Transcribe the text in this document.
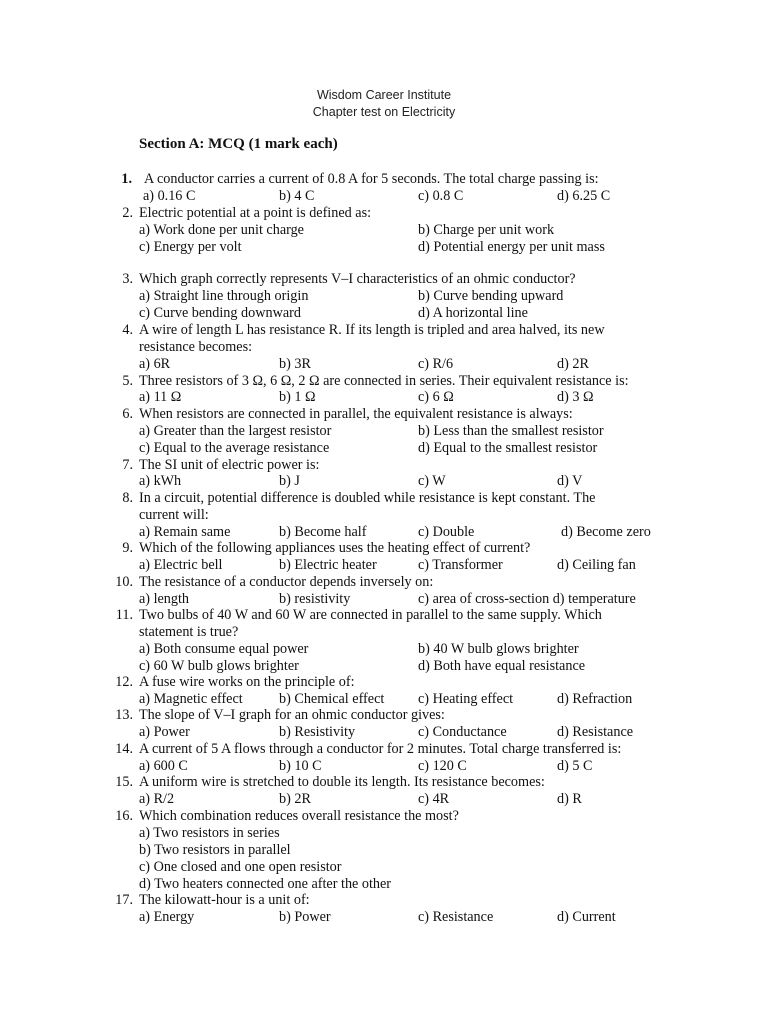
Wisdom Career Institute
Chapter test on Electricity
Section A: MCQ (1 mark each)
1. A conductor carries a current of 0.8 A for 5 seconds. The total charge passing is:
a) 0.16 C	b) 4 C	c) 0.8 C	d) 6.25 C
2. Electric potential at a point is defined as:
a) Work done per unit charge	b) Charge per unit work
c) Energy per volt	d) Potential energy per unit mass
3. Which graph correctly represents V–I characteristics of an ohmic conductor?
a) Straight line through origin	b) Curve bending upward
c) Curve bending downward	d) A horizontal line
4. A wire of length L has resistance R. If its length is tripled and area halved, its new
resistance becomes:
a) 6R	b) 3R	c) R/6	d) 2R
5. Three resistors of 3 Ω, 6 Ω, 2 Ω are connected in series. Their equivalent resistance is:
a) 11 Ω	b) 1 Ω	c) 6 Ω	d) 3 Ω
6. When resistors are connected in parallel, the equivalent resistance is always:
a) Greater than the largest resistor	b) Less than the smallest resistor
c) Equal to the average resistance	d) Equal to the smallest resistor
7. The SI unit of electric power is:
a) kWh	b) J	c) W	d) V
8. In a circuit, potential difference is doubled while resistance is kept constant. The
current will:
a) Remain same	b) Become half	c) Double	d) Become zero
9. Which of the following appliances uses the heating effect of current?
a) Electric bell	b) Electric heater	c) Transformer	d) Ceiling fan
10. The resistance of a conductor depends inversely on:
a) length	b) resistivity	c) area of cross-section d) temperature
11. Two bulbs of 40 W and 60 W are connected in parallel to the same supply. Which
statement is true?
a) Both consume equal power	b) 40 W bulb glows brighter
c) 60 W bulb glows brighter	d) Both have equal resistance
12. A fuse wire works on the principle of:
a) Magnetic effect	b) Chemical effect c) Heating effect	d) Refraction
13. The slope of V–I graph for an ohmic conductor gives:
a) Power	b) Resistivity	c) Conductance	d) Resistance
14. A current of 5 A flows through a conductor for 2 minutes. Total charge transferred is:
a) 600 C	b) 10 C	c) 120 C	d) 5 C
15. A uniform wire is stretched to double its length. Its resistance becomes:
a) R/2	b) 2R	c) 4R	d) R
16. Which combination reduces overall resistance the most?
a) Two resistors in series
b) Two resistors in parallel
c) One closed and one open resistor
d) Two heaters connected one after the other
17. The kilowatt-hour is a unit of:
a) Energy	b) Power	c) Resistance	d) Current
